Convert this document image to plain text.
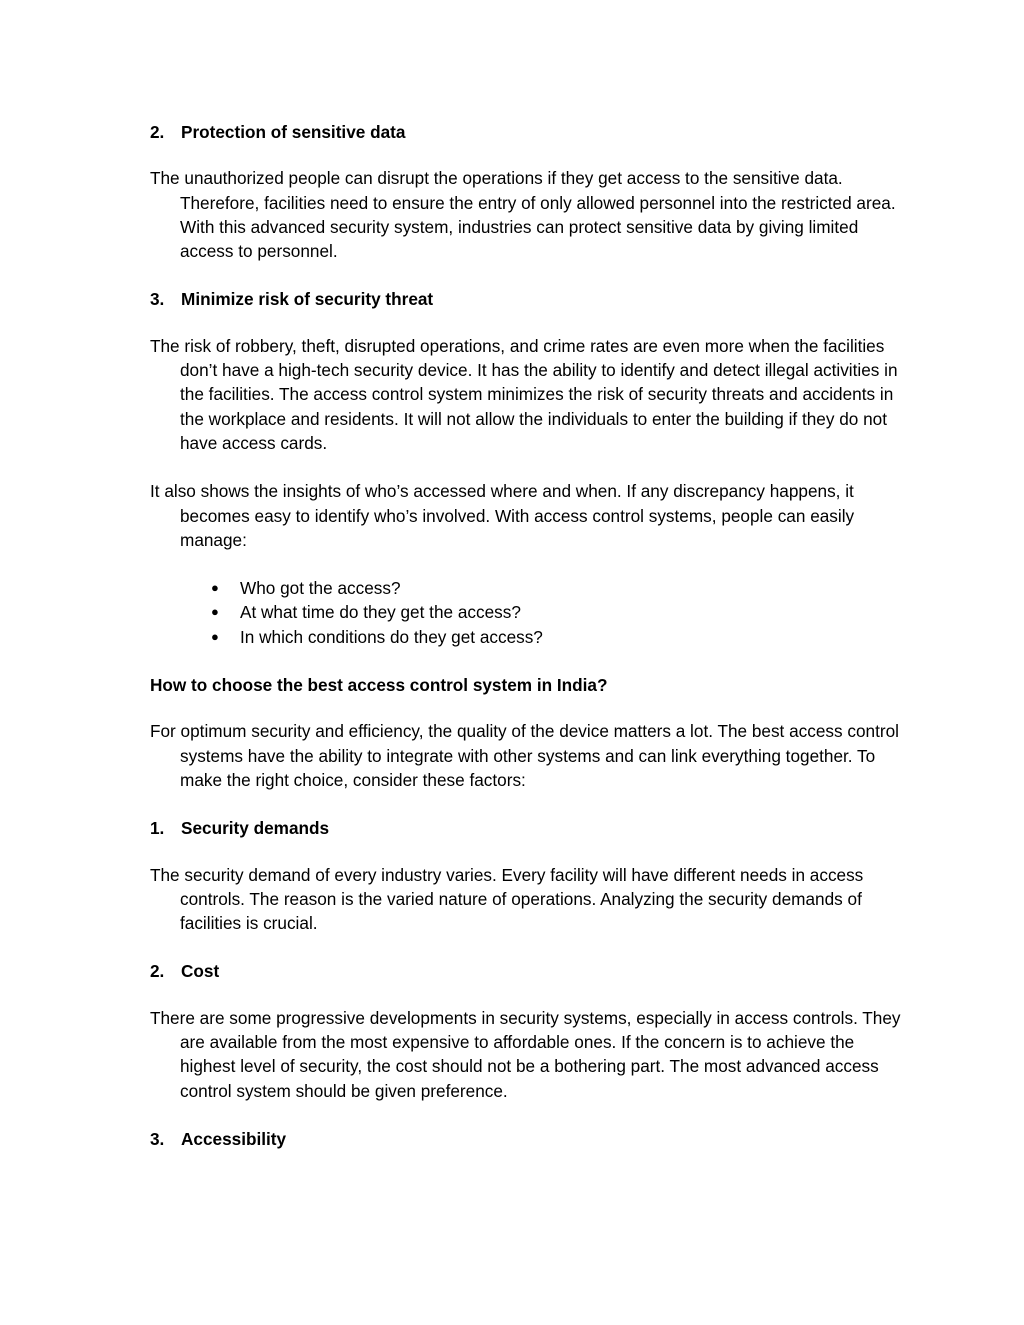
2. Protection of sensitive data

The unauthorized people can disrupt the operations if they get access to the sensitive data. Therefore, facilities need to ensure the entry of only allowed personnel into the restricted area. With this advanced security system, industries can protect sensitive data by giving limited access to personnel.

3. Minimize risk of security threat

The risk of robbery, theft, disrupted operations, and crime rates are even more when the facilities don’t have a high-tech security device. It has the ability to identify and detect illegal activities in the facilities. The access control system minimizes the risk of security threats and accidents in the workplace and residents. It will not allow the individuals to enter the building if they do not have access cards.

It also shows the insights of who’s accessed where and when. If any discrepancy happens, it becomes easy to identify who’s involved. With access control systems, people can easily manage:

● Who got the access?
● At what time do they get the access?
● In which conditions do they get access?
How to choose the best access control system in India?

For optimum security and efficiency, the quality of the device matters a lot. The best access control systems have the ability to integrate with other systems and can link everything together. To make the right choice, consider these factors:

1. Security demands

The security demand of every industry varies. Every facility will have different needs in access controls. The reason is the varied nature of operations. Analyzing the security demands of facilities is crucial.

2. Cost

There are some progressive developments in security systems, especially in access controls. They are available from the most expensive to affordable ones. If the concern is to achieve the highest level of security, the cost should not be a bothering part. The most advanced access control system should be given preference.

3. Accessibility
